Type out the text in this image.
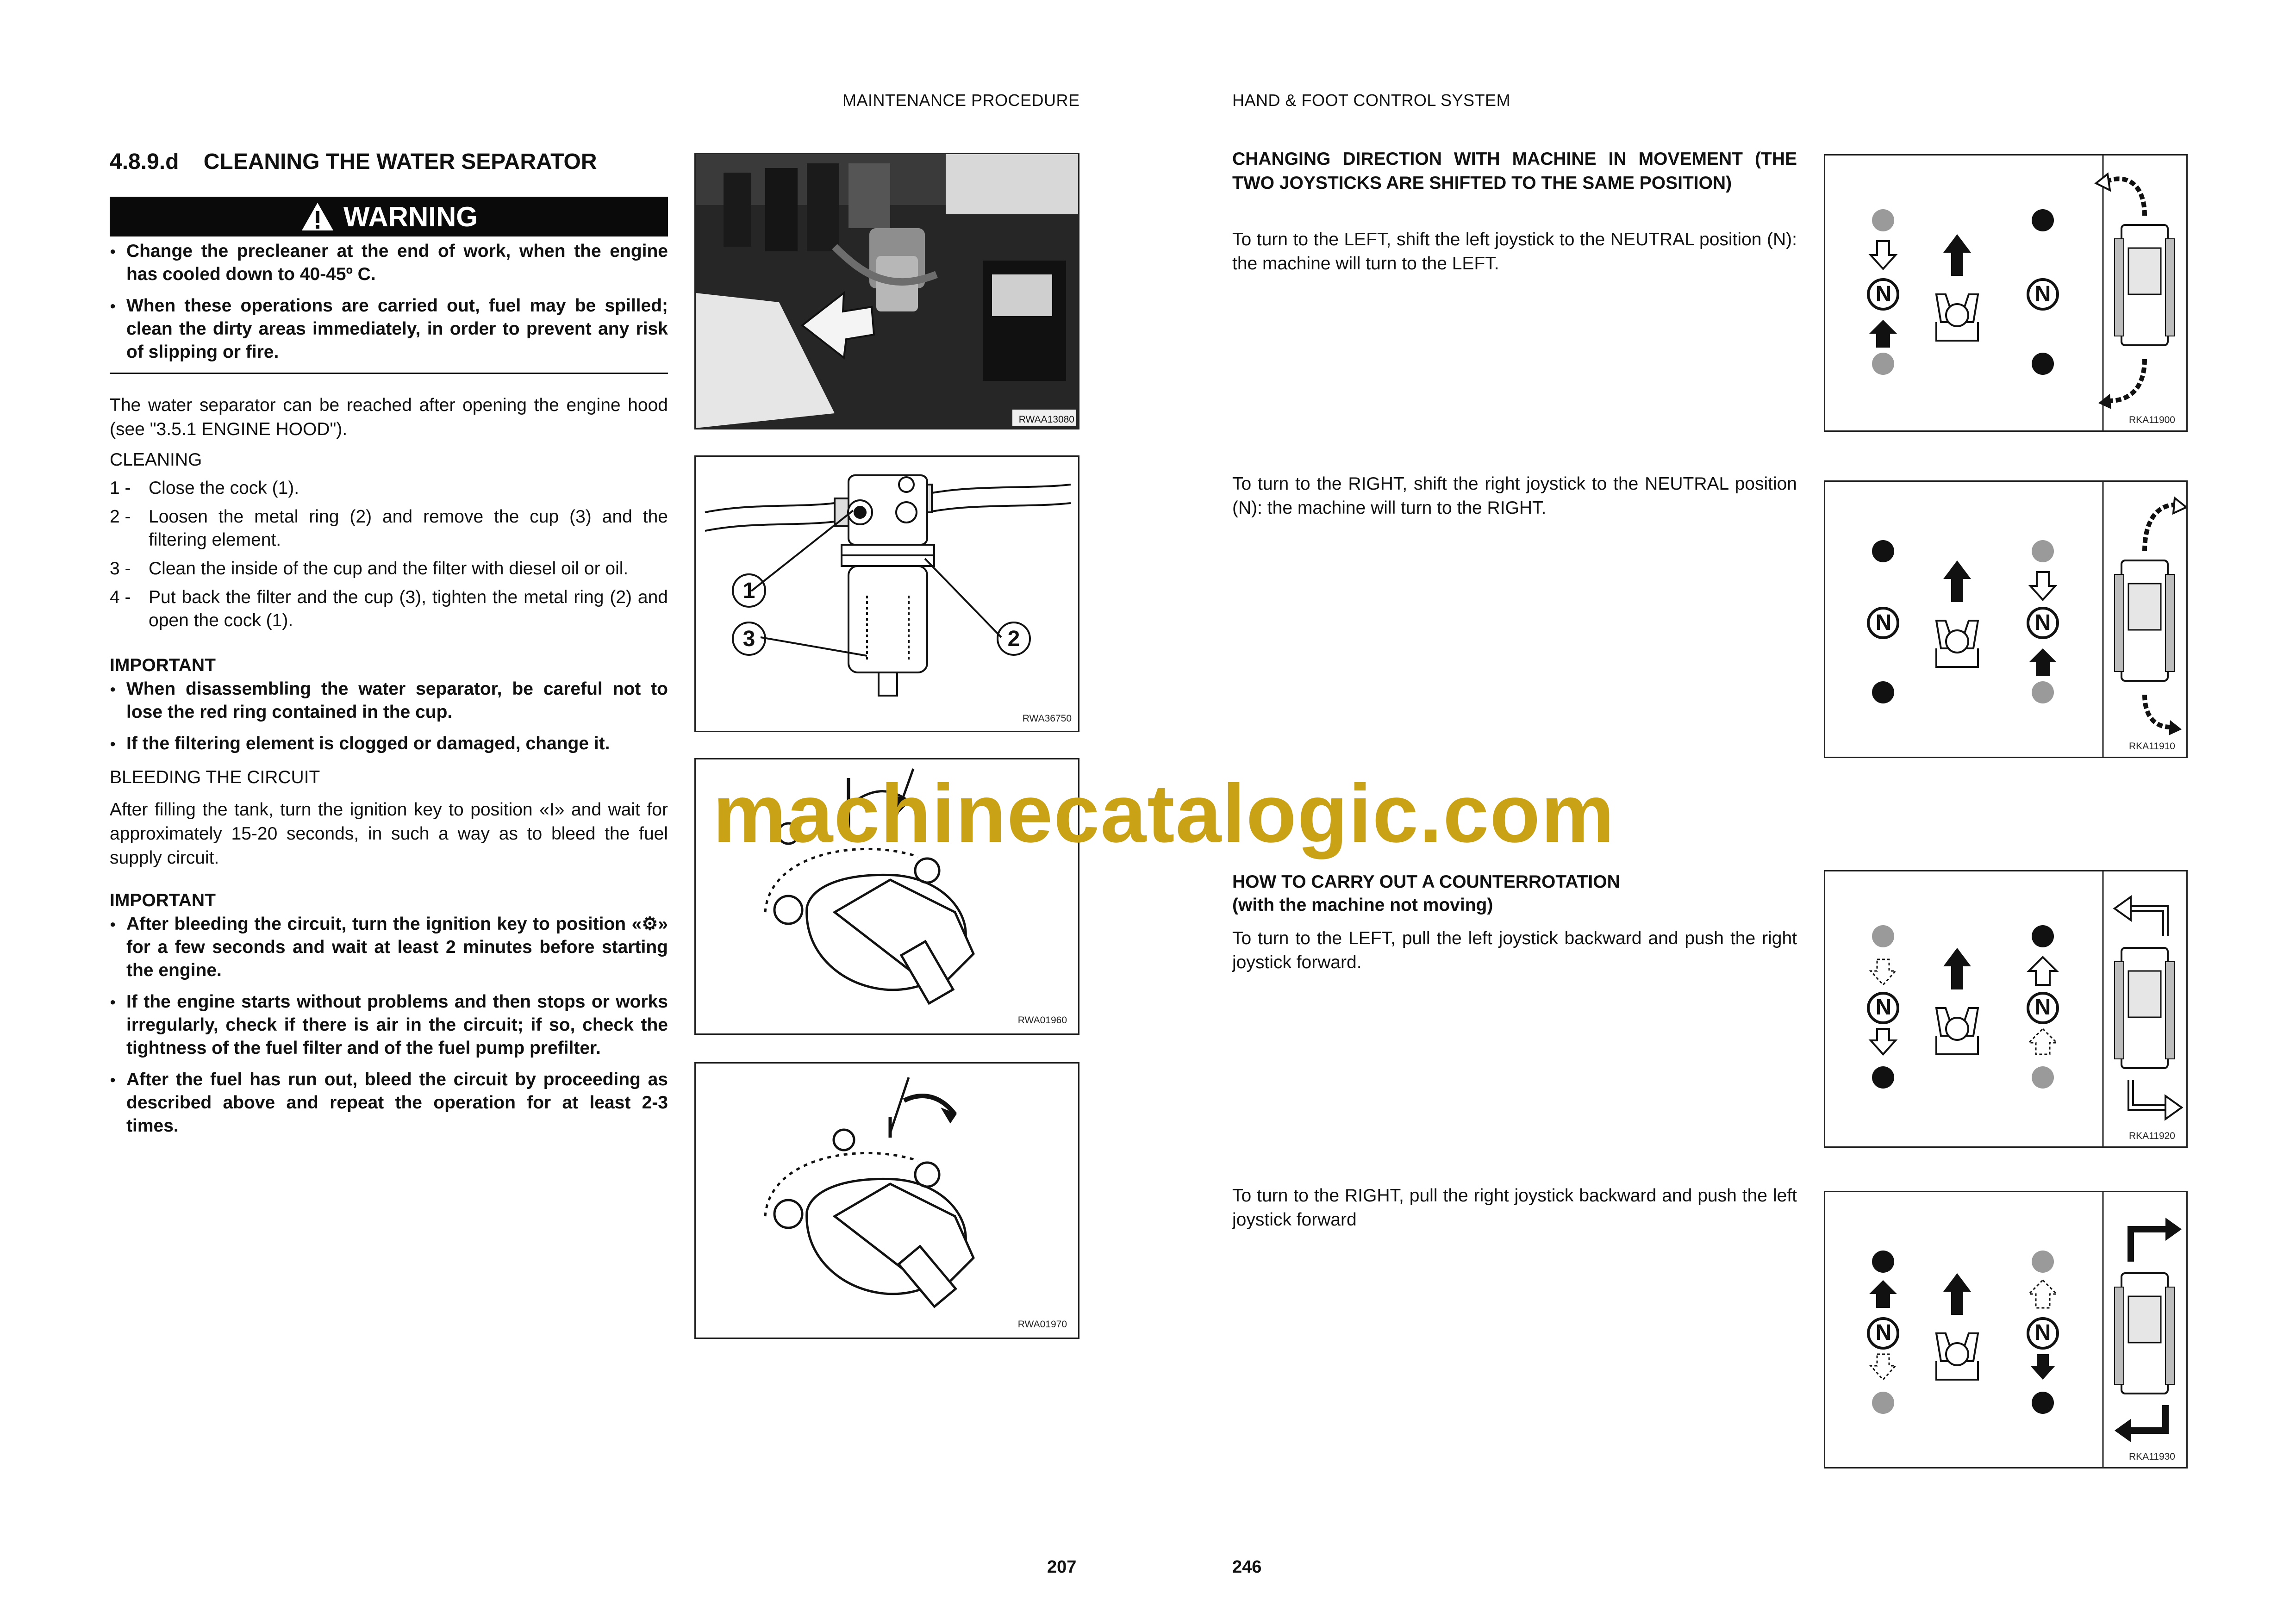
MAINTENANCE PROCEDURE
4.8.9.d    CLEANING THE WATER SEPARATOR
WARNING
● Change the precleaner at the end of work, when the engine has cooled down to 40-45º C.
● When these operations are carried out, fuel may be spilled; clean the dirty areas immediately, in order to prevent any risk of slipping or fire.
The water separator can be reached after opening the engine hood (see "3.5.1 ENGINE HOOD").
CLEANING
1 - Close the cock (1).
2 - Loosen the metal ring (2) and remove the cup (3) and the filtering element.
3 - Clean the inside of the cup and the filter with diesel oil or oil.
4 - Put back the filter and the cup (3), tighten the metal ring (2) and open the cock (1).
IMPORTANT
● When disassembling the water separator, be careful not to lose the red ring contained in the cup.
● If the filtering element is clogged or damaged, change it.
BLEEDING THE CIRCUIT
After filling the tank, turn the ignition key to position «I» and wait for approximately 15-20 seconds, in such a way as to bleed the fuel supply circuit.
IMPORTANT
● After bleeding the circuit, turn the ignition key to position «⚙» for a few seconds and wait at least 2 minutes before starting the engine.
● If the engine starts without problems and then stops or works irregularly, check if there is air in the circuit; if so, check the tightness of the fuel filter and of the fuel pump prefilter.
● After the fuel has run out, bleed the circuit by proceeding as described above and repeat the operation for at least 2-3 times.
RWAA13080
1
2
3
RWA36750
RWA01960
RWA01970
207
HAND & FOOT CONTROL SYSTEM
CHANGING DIRECTION WITH MACHINE IN MOVEMENT (THE TWO JOYSTICKS ARE SHIFTED TO THE SAME POSITION)
To turn to the LEFT, shift the left joystick to the NEUTRAL position (N): the machine will turn to the LEFT.
To turn to the RIGHT, shift the right joystick to the NEUTRAL position (N): the machine will turn to the RIGHT.
HOW TO CARRY OUT A COUNTERROTATION
(with the machine not moving)
To turn to the LEFT, pull the left joystick backward and push the right joystick forward.
To turn to the RIGHT, pull the right joystick backward and push the left joystick forward
N	N
RKA11900
N	N
RKA11910
N	N
RKA11920
N	N
RKA11930
246
machinecatalogic.com
